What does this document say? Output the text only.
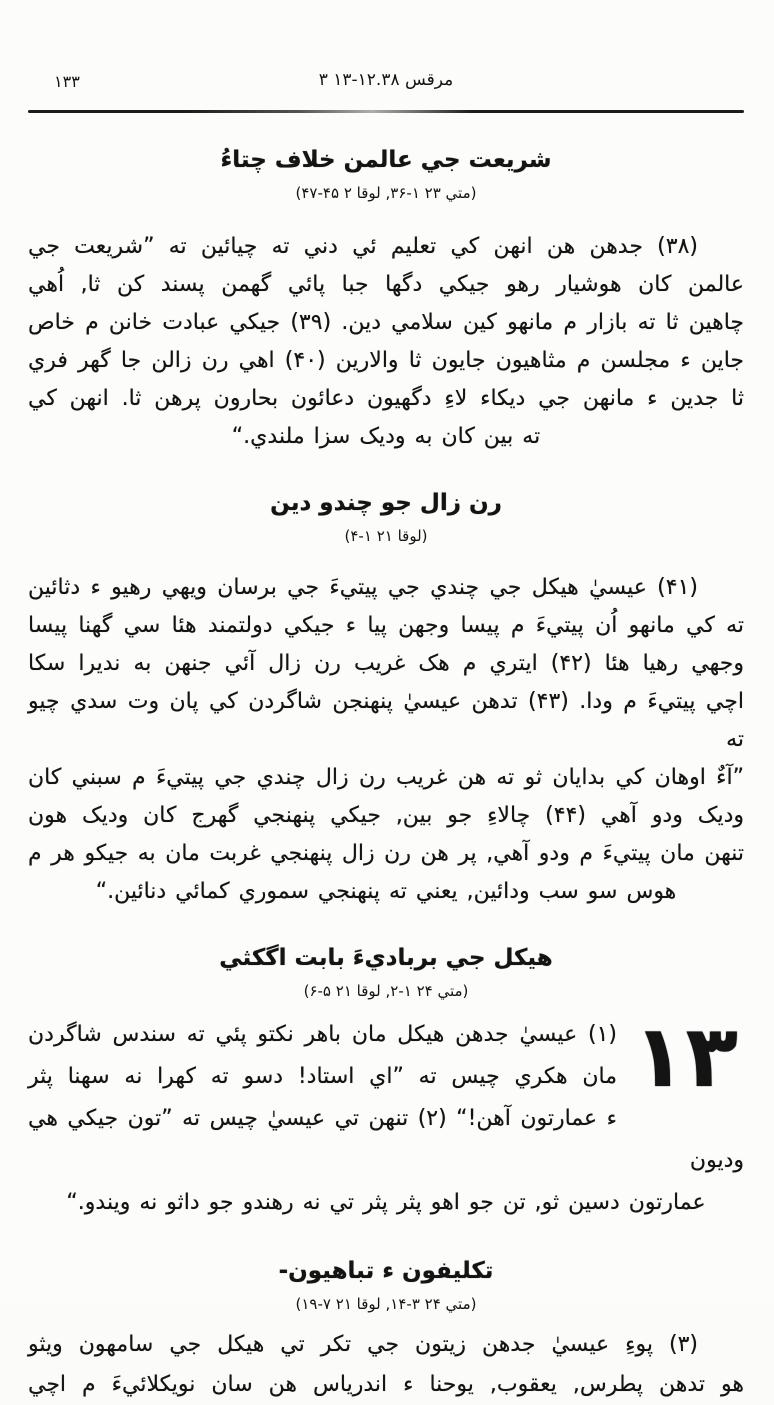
۱۳۳	مرقس ۱۲.۳۸-۱۳ ۳
شريعت جي عالمن خلاف چتاءُ
(متي ۲۳ ۱-۳۶, لوقا ۲ ۴۵-۴۷)
(۳۸) جدهن هن انهن کي تعليم ئي دني ته چيائين ته ”شريعت جي
عالمن کان هوشيار رهو جيکي دگها جبا پائي گهمن پسند کن ثا, اُهي
چاهين ثا ته بازار م مانهو کين سلامي دين. (۳۹) جيکي عبادت خانن م خاص
جاين ء مجلسن م مثاهيون جايون ثا والارين (۴۰) اهي رن زالن جا گهر فري
ثا جدين ء مانهن جي ديکاء لاءِ دگهيون دعائون بحارون پرهن ثا. انهن کي
ته بين کان به وديک سزا ملندي.“
رن زال جو چندو دين
(لوقا ۲۱ ۱-۴)
(۴۱) عيسيٰ هيکل جي چندي جي پيتيءَ جي برسان ويهي رهيو ء دثائين
ته کي مانهو اُن پيتيءَ م پيسا وجهن پيا ء جيکي دولتمند هئا سي گهنا پيسا
وجهي رهيا هئا (۴۲) ايتري م هک غريب رن زال آئي جنهن به نديرا سکا
اچي پيتيءَ م ودا. (۴۳) تدهن عيسيٰ پنهنجن شاگردن کي پان وت سدي چيو ته
”آءٌ اوهان کي بدايان ثو ته هن غريب رن زال چندي جي پيتيءَ م سبني کان
وديک ودو آهي (۴۴) چالاءِ جو بين, جيکي پنهنجي گهرج کان وديک هون
تنهن مان پيتيءَ م ودو آهي, پر هن رن زال پنهنجي غربت مان به جيکو هر م
هوس سو سب ودائين, يعني ته پنهنجي سموري کمائي دنائين.“
هيکل جي برباديءَ بابت اگکثي
(متي ۲۴ ۱-۲, لوقا ۲۱ ۵-۶)
۱۳
(۱) عيسيٰ جدهن هيکل مان باهر نکتو پئي ته سندس شاگردن
مان هکري چيس ته ”اي استاد! دسو ته کهرا نه سهنا پثر
ء عمارتون آهن!“ (۲) تنهن تي عيسيٰ چيس ته ”تون جيکي هي وديون
عمارتون دسين ثو, تن جو اهو پثر پثر تي نه رهندو جو داثو نه ويندو.“
تکليفون ء تباهيون-
(متي ۲۴ ۳-۱۴, لوقا ۲۱ ۷-۱۹)
(۳) پوءِ عيسيٰ جدهن زيتون جي تکر تي هيکل جي سامهون ويثو
هو تدهن پطرس, يعقوب, يوحنا ء اندرياس هن سان نويکلائيءَ م اچي
